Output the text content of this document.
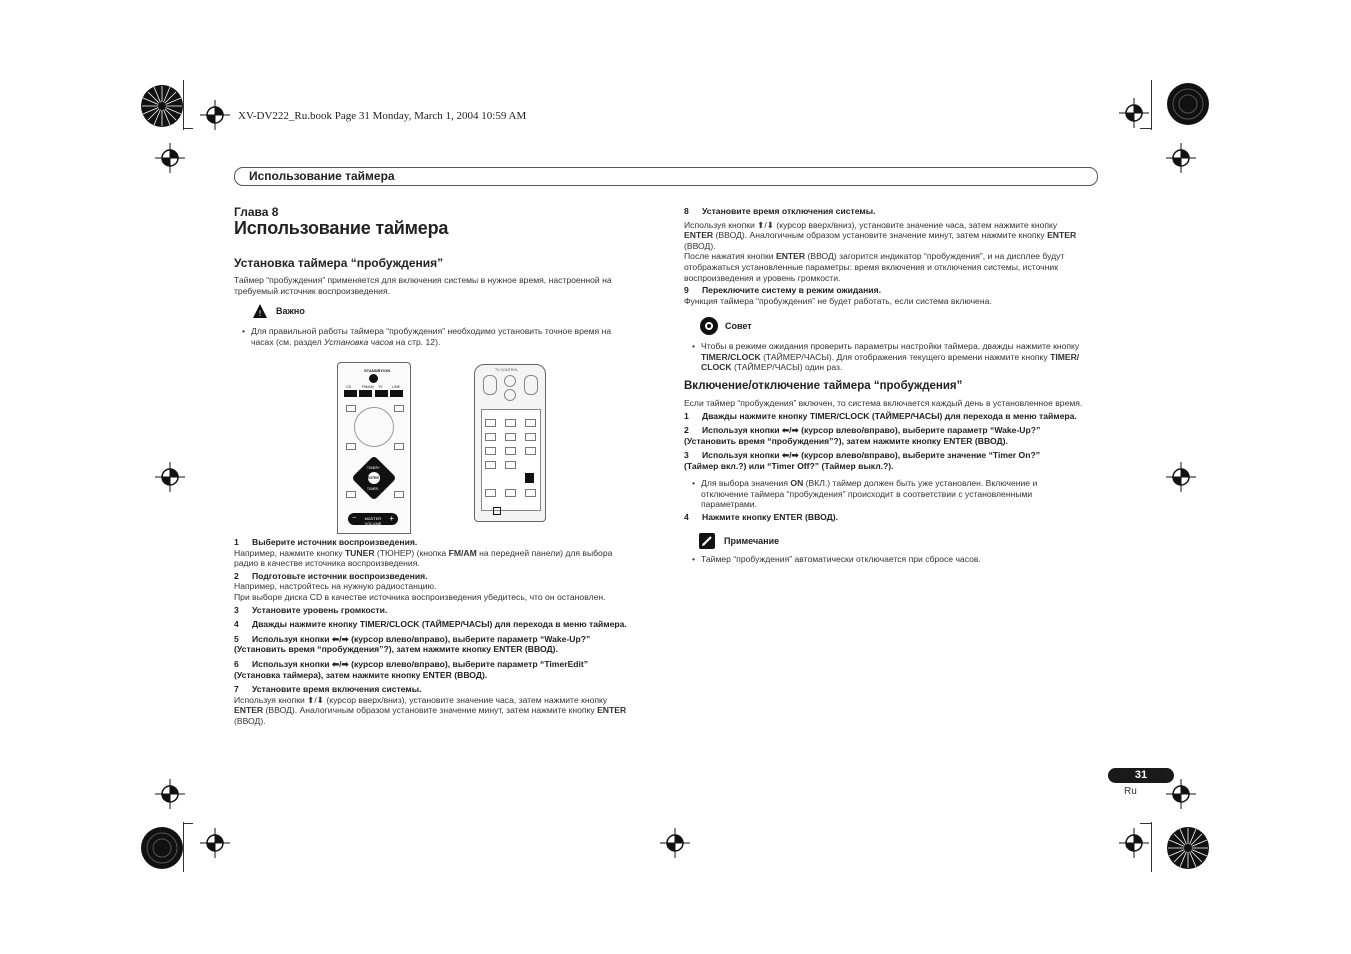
XV-DV222_Ru.book Page 31 Monday, March 1, 2004 10:59 AM
Использование таймера
Глава 8
Использование таймера
Установка таймера “пробуждения”
Таймер “пробуждения” применяется для включения системы в нужное время, настроенной на
требуемый источник воспроизведения.
! Важно
• Для правильной работы таймера “пробуждения” необходимо установить точное время на
часах (см. раздел Установка часов на стр. 12).
STANDBY/ON
CD	FM/AM TV	LINE
ENTER
TUNER+
TUNER-
−	MASTER VOLUME
+
TV CONTROL
1 Выберите источник воспроизведения.
Например, нажмите кнопку TUNER (ТЮНЕР) (кнопка FM/AM на передней панели) для выбора
радио в качестве источника воспроизведения.
2 Подготовьте источник воспроизведения.
Например, настройтесь на нужную радиостанцию.
При выборе диска CD в качестве источника воспроизведения убедитесь, что он остановлен.
3 Установите уровень громкости.
4 Дважды нажмите кнопку TIMER/CLOCK (ТАЙМЕР/ЧАСЫ) для перехода в меню таймера.
5 Используя кнопки ⬅/➡ (курсор влево/вправо), выберите параметр “Wake-Up?”
(Установить время “пробуждения”?), затем нажмите кнопку ENTER (ВВОД).
6 Используя кнопки ⬅/➡ (курсор влево/вправо), выберите параметр “TimerEdit”
(Установка таймера), затем нажмите кнопку ENTER (ВВОД).
7 Установите время включения системы.
Используя кнопки ⬆/⬇ (курсор вверх/вниз), установите значение часа, затем нажмите кнопку
ENTER (ВВОД). Аналогичным образом установите значение минут, затем нажмите кнопку ENTER
(ВВОД).
8 Установите время отключения системы.
Используя кнопки ⬆/⬇ (курсор вверх/вниз), установите значение часа, затем нажмите кнопку
ENTER (ВВОД). Аналогичным образом установите значение минут, затем нажмите кнопку ENTER
(ВВОД).
После нажатия кнопки ENTER (ВВОД) загорится индикатор “пробуждения”, и на дисплее будут
отображаться установленные параметры: время включения и отключения системы, источник
воспроизведения и уровень громкости.
9 Переключите систему в режим ожидания.
Функция таймера “пробуждения” не будет работать, если система включена.
Совет
• Чтобы в режиме ожидания проверить параметры настройки таймера, дважды нажмите кнопку
TIMER/CLOCK (ТАЙМЕР/ЧАСЫ). Для отображения текущего времени нажмите кнопку TIMER/
CLOCK (ТАЙМЕР/ЧАСЫ) один раз.
Включение/отключение таймера “пробуждения”
Если таймер “пробуждения” включен, то система включается каждый день в установленное время.
1 Дважды нажмите кнопку TIMER/CLOCK (ТАЙМЕР/ЧАСЫ) для перехода в меню таймера.
2 Используя кнопки ⬅/➡ (курсор влево/вправо), выберите параметр “Wake-Up?”
(Установить время “пробуждения”?), затем нажмите кнопку ENTER (ВВОД).
3 Используя кнопки ⬅/➡ (курсор влево/вправо), выберите значение “Timer On?”
(Таймер вкл.?) или “Timer Off?” (Таймер выкл.?).
• Для выбора значения ON (ВКЛ.) таймер должен быть уже установлен. Включение и
отключение таймера “пробуждения” происходит в соответствии с установленными
параметрами.
4 Нажмите кнопку ENTER (ВВОД).
Примечание
• Таймер “пробуждения” автоматически отключается при сбросе часов.
31
Ru
